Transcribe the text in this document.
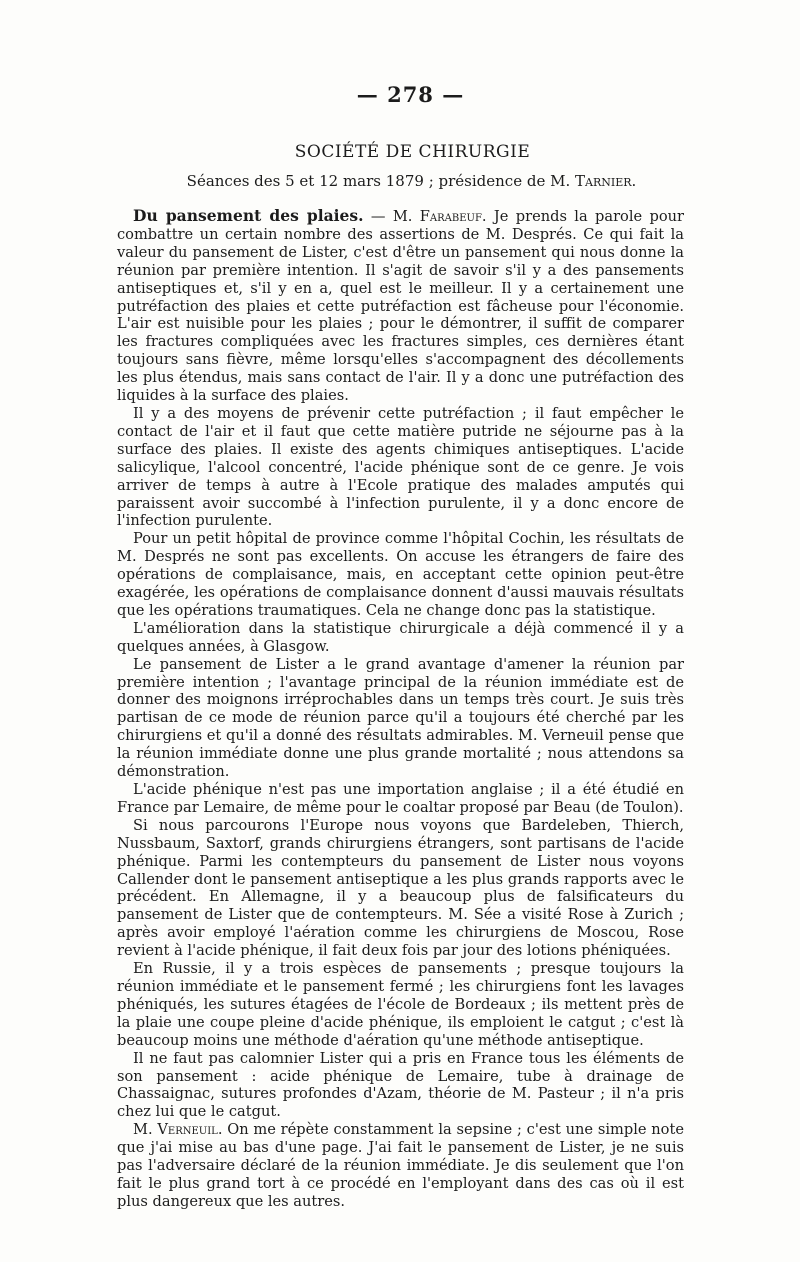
— 278 —
SOCIÉTÉ DE CHIRURGIE
Séances des 5 et 12 mars 1879 ; présidence de M. Tarnier.

Du pansement des plaies. — M. Farabeuf. Je prends la parole pour combattre un certain nombre des assertions de M. Després. Ce qui fait la valeur du pansement de Lister, c'est d'être un pansement qui nous donne la réunion par première intention. Il s'agit de savoir s'il y a des pansements antiseptiques et, s'il y en a, quel est le meilleur. Il y a certainement une putréfaction des plaies et cette putréfaction est fâcheuse pour l'économie. L'air est nuisible pour les plaies ; pour le démontrer, il suffit de comparer les fractures compliquées avec les fractures simples, ces dernières étant toujours sans fièvre, même lorsqu'elles s'accompagnent des décollements les plus étendus, mais sans contact de l'air. Il y a donc une putréfaction des liquides à la surface des plaies.

Il y a des moyens de prévenir cette putréfaction ; il faut empêcher le contact de l'air et il faut que cette matière putride ne séjourne pas à la surface des plaies. Il existe des agents chimiques antiseptiques. L'acide salicylique, l'alcool concentré, l'acide phénique sont de ce genre. Je vois arriver de temps à autre à l'Ecole pratique des malades amputés qui paraissent avoir succombé à l'infection purulente, il y a donc encore de l'infection purulente.

Pour un petit hôpital de province comme l'hôpital Cochin, les résultats de M. Després ne sont pas excellents. On accuse les étrangers de faire des opérations de complaisance, mais, en acceptant cette opinion peut-être exagérée, les opérations de complaisance donnent d'aussi mauvais résultats que les opérations traumatiques. Cela ne change donc pas la statistique.

L'amélioration dans la statistique chirurgicale a déjà commencé il y a quelques années, à Glasgow.

Le pansement de Lister a le grand avantage d'amener la réunion par première intention ; l'avantage principal de la réunion immédiate est de donner des moignons irréprochables dans un temps très court. Je suis très partisan de ce mode de réunion parce qu'il a toujours été cherché par les chirurgiens et qu'il a donné des résultats admirables. M. Verneuil pense que la réunion immédiate donne une plus grande mortalité ; nous attendons sa démonstration.

L'acide phénique n'est pas une importation anglaise ; il a été étudié en France par Lemaire, de même pour le coaltar proposé par Beau (de Toulon).

Si nous parcourons l'Europe nous voyons que Bardeleben, Thierch, Nussbaum, Saxtorf, grands chirurgiens étrangers, sont partisans de l'acide phénique. Parmi les contempteurs du pansement de Lister nous voyons Callender dont le pansement antiseptique a les plus grands rapports avec le précédent. En Allemagne, il y a beaucoup plus de falsificateurs du pansement de Lister que de contempteurs. M. Sée a visité Rose à Zurich ; après avoir employé l'aération comme les chirurgiens de Moscou, Rose revient à l'acide phénique, il fait deux fois par jour des lotions phéniquées.

En Russie, il y a trois espèces de pansements ; presque toujours la réunion immédiate et le pansement fermé ; les chirurgiens font les lavages phéniqués, les sutures étagées de l'école de Bordeaux ; ils mettent près de la plaie une coupe pleine d'acide phénique, ils emploient le catgut ; c'est là beaucoup moins une méthode d'aération qu'une méthode antiseptique.

Il ne faut pas calomnier Lister qui a pris en France tous les éléments de son pansement : acide phénique de Lemaire, tube à drainage de Chassaignac, sutures profondes d'Azam, théorie de M. Pasteur ; il n'a pris chez lui que le catgut.

M. Verneuil. On me répète constamment la sepsine ; c'est une simple note que j'ai mise au bas d'une page. J'ai fait le pansement de Lister, je ne suis pas l'adversaire déclaré de la réunion immédiate. Je dis seulement que l'on fait le plus grand tort à ce procédé en l'employant dans des cas où il est plus dangereux que les autres.
